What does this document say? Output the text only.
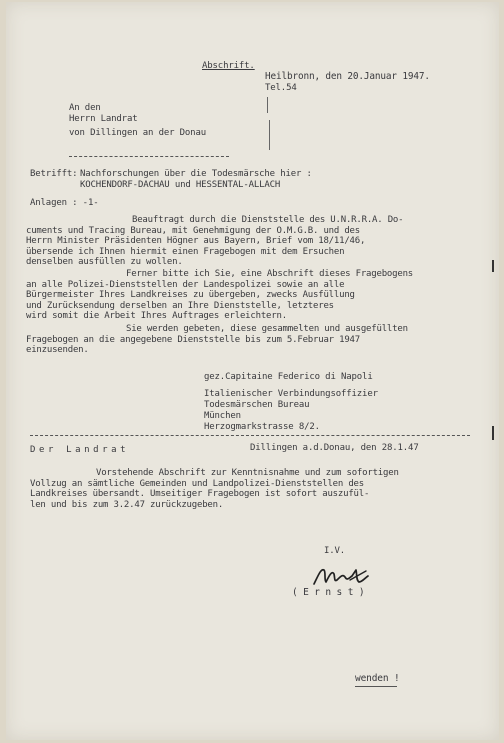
Abschrift.
Heilbronn, den 20.Januar 1947.
Tel.54
An den
Herrn Landrat
von Dillingen an der Donau
Betrifft: Nachforschungen über die Todesmärsche hier :
KOCHENDORF-DACHAU und HESSENTAL-ALLACH
Anlagen : -1-

Beauftragt durch die Dienststelle des U.N.R.R.A. Do-

cuments und Tracing Bureau, mit Genehmigung der O.M.G.B. und des

Herrn Minister Präsidenten Högner aus Bayern, Brief vom 18/11/46,

übersende ich Ihnen hiermit einen Fragebogen mit dem Ersuchen

denselben ausfüllen zu wollen.

Ferner bitte ich Sie, eine Abschrift dieses Fragebogens

an alle Polizei-Dienststellen der Landespolizei sowie an alle

Bürgermeister Ihres Landkreises zu übergeben, zwecks Ausfüllung

und Zurücksendung derselben an Ihre Dienststelle, letzteres

wird somit die Arbeit Ihres Auftrages erleichtern.

Sie werden gebeten, diese gesammelten und ausgefüllten

Fragebogen an die angegebene Dienststelle bis zum 5.Februar 1947

einzusenden.

gez.Capitaine Federico di Napoli
Italienischer Verbindungsoffizier
Todesmärschen Bureau
München
Herzogmarkstrasse 8/2.
Der Landrat	Dillingen a.d.Donau, den 28.1.47

Vorstehende Abschrift zur Kenntnisnahme und zum sofortigen

Vollzug an sämtliche Gemeinden und Landpolizei-Dienststellen des

Landkreises übersandt. Umseitiger Fragebogen ist sofort auszufül-

len und bis zum 3.2.47 zurückzugeben.

I.V.
( E r n s t )
wenden !
